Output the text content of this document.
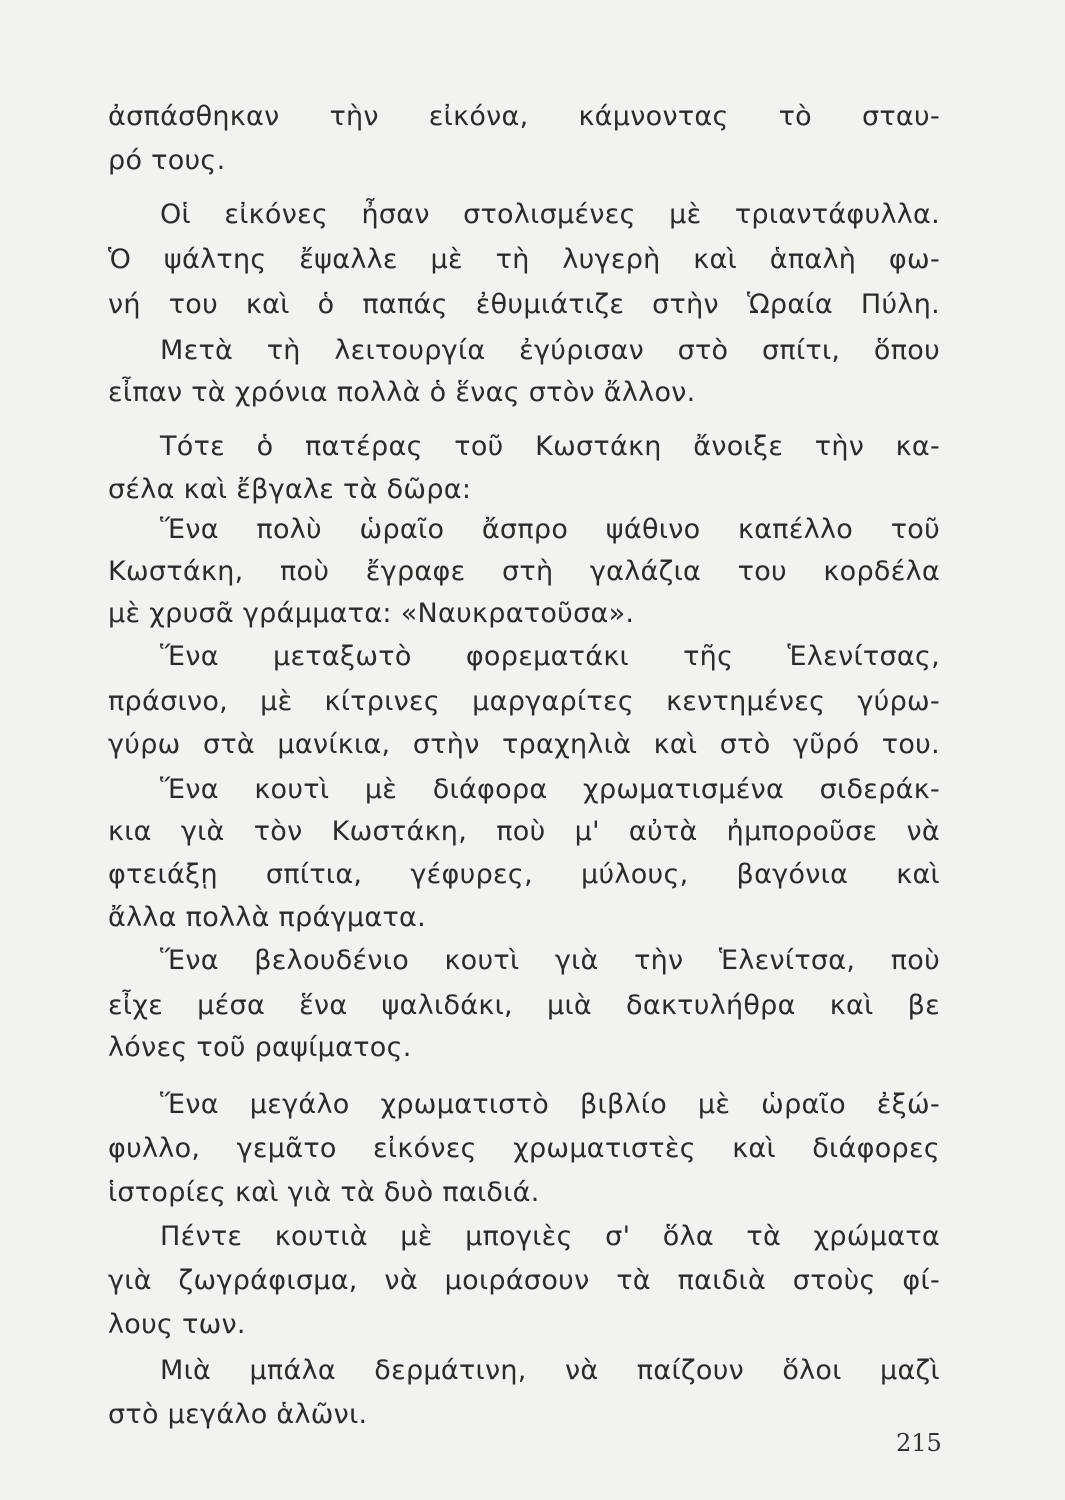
ἀσπάσθηκαν τὴν εἰκόνα, κάμνοντας τὸ σταυ-
ρό τους.
Οἱ εἰκόνες ἦσαν στολισμένες μὲ τριαντάφυλλα.
Ὁ ψάλτης ἔψαλλε μὲ τὴ λυγερὴ καὶ ἁπαλὴ φω-
νή του καὶ ὁ παπάς ἐθυμιάτιζε στὴν Ὡραία Πύλη.
Μετὰ τὴ λειτουργία ἐγύρισαν στὸ σπίτι, ὅπου
εἶπαν τὰ χρόνια πολλὰ ὁ ἕνας στὸν ἄλλον.
Τότε ὁ πατέρας τοῦ Κωστάκη ἄνοιξε τὴν κα-
σέλα καὶ ἔβγαλε τὰ δῶρα:
Ἕνα πολὺ ὡραῖο ἄσπρο ψάθινο καπέλλο τοῦ
Κωστάκη, ποὺ ἔγραφε στὴ γαλάζια του κορδέλα
μὲ χρυσᾶ γράμματα: «Ναυκρατοῦσα».
Ἕνα μεταξωτὸ φορεματάκι τῆς Ἑλενίτσας,
πράσινο, μὲ κίτρινες μαργαρίτες κεντημένες γύρω-
γύρω στὰ μανίκια, στὴν τραχηλιὰ καὶ στὸ γῦρό του.
Ἕνα κουτὶ μὲ διάφορα χρωματισμένα σιδεράκ-
κια γιὰ τὸν Κωστάκη, ποὺ μ' αὐτὰ ἠμποροῦσε νὰ
φτειάξῃ σπίτια, γέφυρες, μύλους, βαγόνια καὶ
ἄλλα πολλὰ πράγματα.
Ἕνα βελουδένιο κουτὶ γιὰ τὴν Ἑλενίτσα, ποὺ
εἶχε μέσα ἕνα ψαλιδάκι, μιὰ δακτυλήθρα καὶ βε
λόνες τοῦ ραψίματος.
Ἕνα μεγάλο χρωματιστὸ βιβλίο μὲ ὡραῖο ἐξώ-
φυλλο, γεμᾶτο εἰκόνες χρωματιστὲς καὶ διάφορες
ἱστορίες καὶ γιὰ τὰ δυὸ παιδιά.
Πέντε κουτιὰ μὲ μπογιὲς σ' ὅλα τὰ χρώματα
γιὰ ζωγράφισμα, νὰ μοιράσουν τὰ παιδιὰ στοὺς φί-
λους των.
Μιὰ μπάλα δερμάτινη, νὰ παίζουν ὅλοι μαζὶ
στὸ μεγάλο ἁλῶνι.
215
